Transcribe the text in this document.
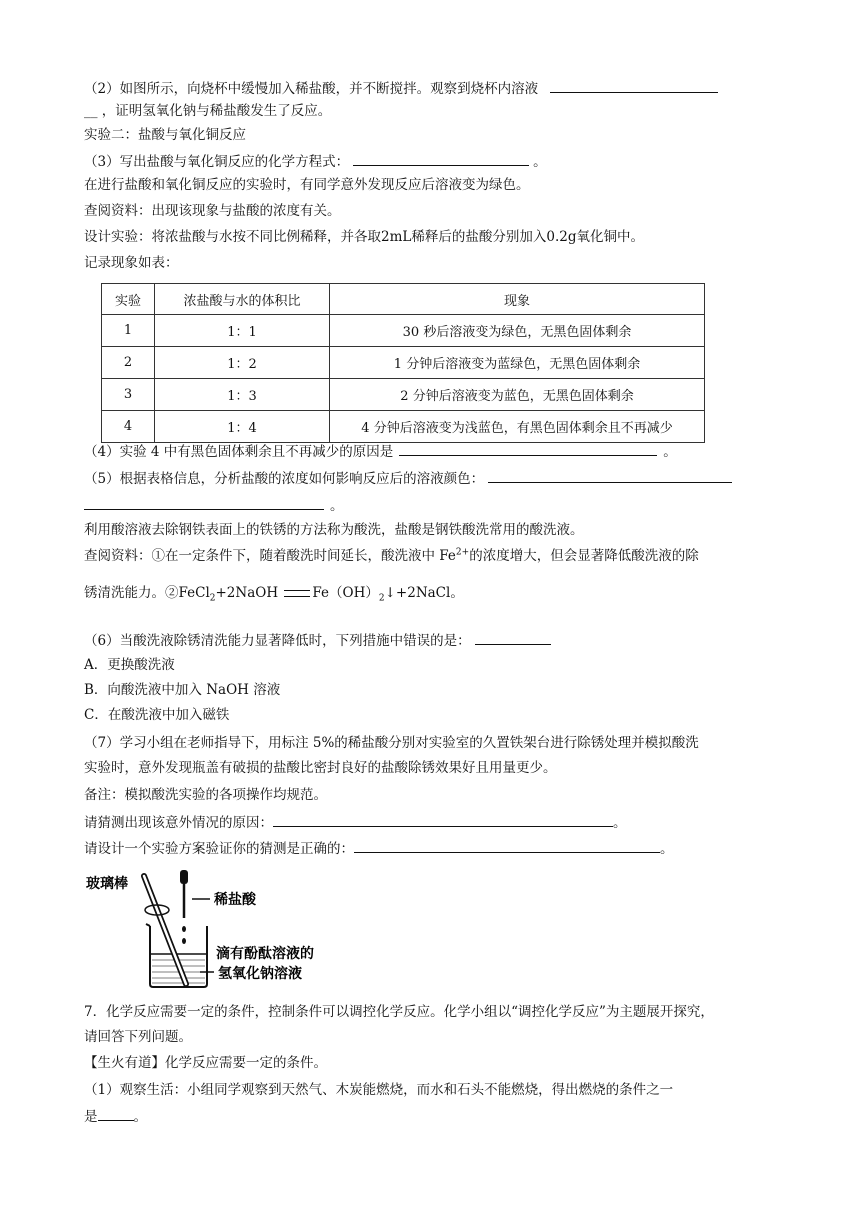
（2）如图所示，向烧杯中缓慢加入稀盐酸，并不断搅拌。观察到烧杯内溶液
__ ，证明氢氧化钠与稀盐酸发生了反应。
实验二：盐酸与氧化铜反应
（3）写出盐酸与氧化铜反应的化学方程式：	。
在进行盐酸和氧化铜反应的实验时，有同学意外发现反应后溶液变为绿色。
查阅资料：出现该现象与盐酸的浓度有关。
设计实验：将浓盐酸与水按不同比例稀释，并各取2mL稀释后的盐酸分别加入0.2g氧化铜中。
记录现象如表：
实验	浓盐酸与水的体积比	现象
1	1：1	30 秒后溶液变为绿色，无黑色固体剩余
2	1：2	1 分钟后溶液变为蓝绿色，无黑色固体剩余
3	1：3	2 分钟后溶液变为蓝色，无黑色固体剩余
4	1：4	4 分钟后溶液变为浅蓝色，有黑色固体剩余且不再减少
（4）实验 4 中有黑色固体剩余且不再减少的原因是	。
（5）根据表格信息，分析盐酸的浓度如何影响反应后的溶液颜色：
。
利用酸溶液去除钢铁表面上的铁锈的方法称为酸洗，盐酸是钢铁酸洗常用的酸洗液。
查阅资料：①在一定条件下，随着酸洗时间延长，酸洗液中 $Fe^{2+}$的浓度增大，但会显著降低酸洗液的除
锈清洗能力。②FeCl$_2$+2NaOH	$Fe(OH)_2↓+2NaCl$。
（6）当酸洗液除锈清洗能力显著降低时，下列措施中错误的是：
A．更换酸洗液
B．向酸洗液中加入 NaOH 溶液
C．在酸洗液中加入磁铁
（7）学习小组在老师指导下，用标注 5%的稀盐酸分别对实验室的久置铁架台进行除锈处理并模拟酸洗
实验时，意外发现瓶盖有破损的盐酸比密封良好的盐酸除锈效果好且用量更少。
备注：模拟酸洗实验的各项操作均规范。
请猜测出现该意外情况的原因：	。
请设计一个实验方案验证你的猜测是正确的：	。
玻璃棒
稀盐酸
滴有酚酞溶液的
氢氧化钠溶液
7．化学反应需要一定的条件，控制条件可以调控化学反应。化学小组以“调控化学反应”为主题展开探究，
请回答下列问题。
【生火有道】化学反应需要一定的条件。
（1）观察生活：小组同学观察到天然气、木炭能燃烧，而水和石头不能燃烧，得出燃烧的条件之一
是	。
